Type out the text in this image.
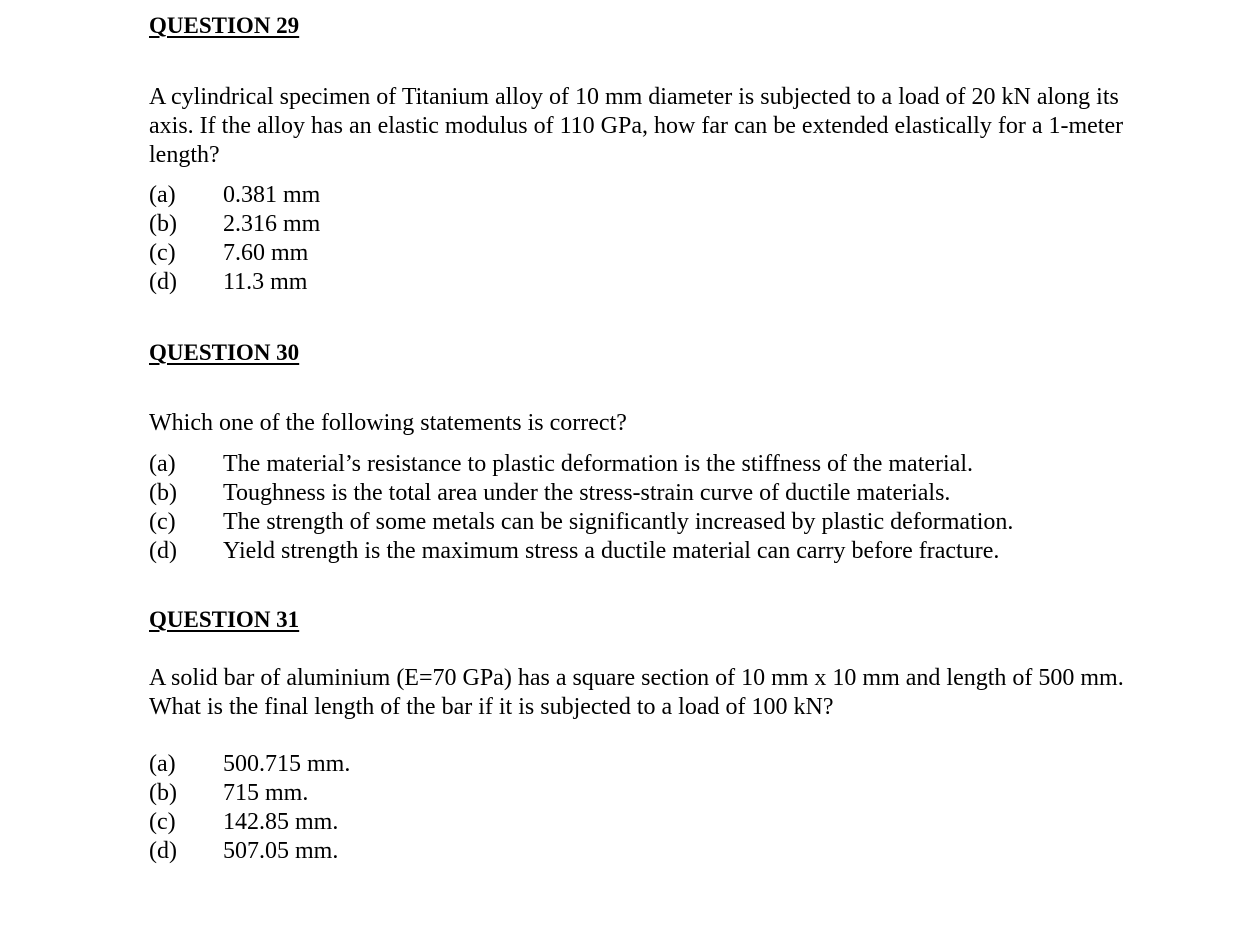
QUESTION 29
A cylindrical specimen of Titanium alloy of 10 mm diameter is subjected to a load of 20 kN along its axis. If the alloy has an elastic modulus of 110 GPa, how far can be extended elastically for a 1-meter length?
(a)	0.381 mm
(b)	2.316 mm
(c)	7.60 mm
(d)	11.3 mm
QUESTION 30
Which one of the following statements is correct?
(a)	The material’s resistance to plastic deformation is the stiffness of the material.
(b)	Toughness is the total area under the stress-strain curve of ductile materials.
(c)	The strength of some metals can be significantly increased by plastic deformation.
(d)	Yield strength is the maximum stress a ductile material can carry before fracture.
QUESTION 31
A solid bar of aluminium (E=70 GPa) has a square section of 10 mm x 10 mm and length of 500 mm. What is the final length of the bar if it is subjected to a load of 100 kN?
(a)	500.715 mm.
(b)	715 mm.
(c)	142.85 mm.
(d)	507.05 mm.
